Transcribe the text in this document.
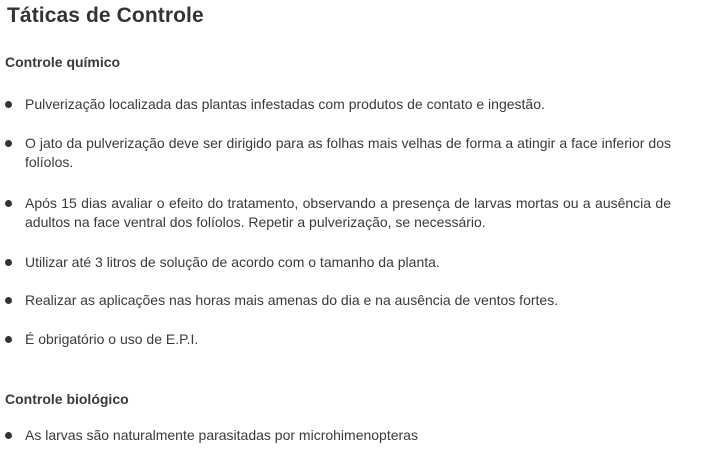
Táticas de Controle
Controle químico
Pulverização localizada das plantas infestadas com produtos de contato e ingestão.
O jato da pulverização deve ser dirigido para as folhas mais velhas de forma a atingir a face inferior dos folíolos.
Após 15 dias avaliar o efeito do tratamento, observando a presença de larvas mortas ou a ausência de adultos na face ventral dos folíolos. Repetir a pulverização, se necessário.
Utilizar até 3 litros de solução de acordo com o tamanho da planta.
Realizar as aplicações nas horas mais amenas do dia e na ausência de ventos fortes.
É obrigatório o uso de E.P.I.
Controle biológico
As larvas são naturalmente parasitadas por microhimenopteras
